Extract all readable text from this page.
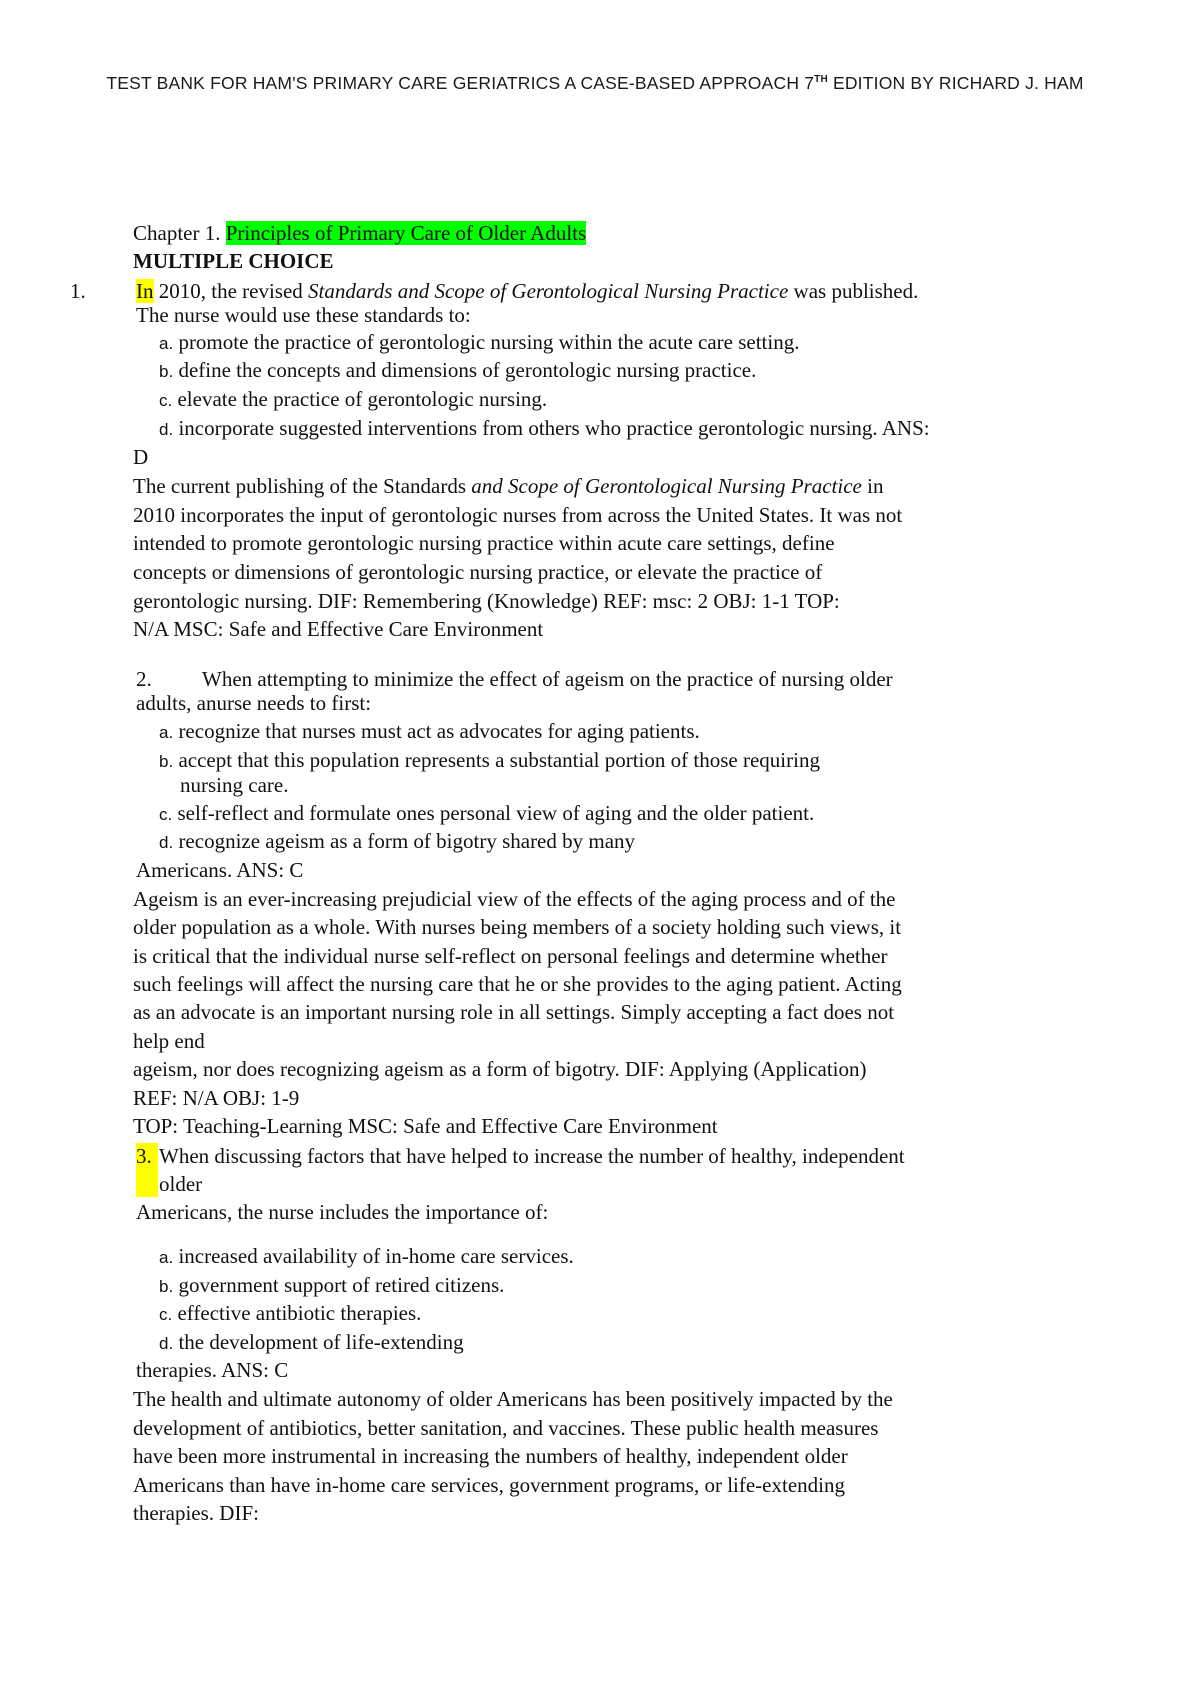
TEST BANK FOR HAM'S PRIMARY CARE GERIATRICS A CASE-BASED APPROACH 7TH EDITION BY RICHARD J. HAM
Chapter 1. Principles of Primary Care of Older Adults
MULTIPLE CHOICE
1. In 2010, the revised Standards and Scope of Gerontological Nursing Practice was published.
The nurse would use these standards to:
a. promote the practice of gerontologic nursing within the acute care setting.
b. define the concepts and dimensions of gerontologic nursing practice.
c. elevate the practice of gerontologic nursing.
d. incorporate suggested interventions from others who practice gerontologic nursing. ANS:
D
The current publishing of the Standards and Scope of Gerontological Nursing Practice in
2010 incorporates the input of gerontologic nurses from across the United States. It was not
intended to promote gerontologic nursing practice within acute care settings, define
concepts or dimensions of gerontologic nursing practice, or elevate the practice of
gerontologic nursing. DIF: Remembering (Knowledge) REF: msc: 2 OBJ: 1-1 TOP:
N/A MSC: Safe and Effective Care Environment
2. When attempting to minimize the effect of ageism on the practice of nursing older
adults, anurse needs to first:
a. recognize that nurses must act as advocates for aging patients.
b. accept that this population represents a substantial portion of those requiring
nursing care.
c. self-reflect and formulate ones personal view of aging and the older patient.
d. recognize ageism as a form of bigotry shared by many
Americans. ANS: C
Ageism is an ever-increasing prejudicial view of the effects of the aging process and of the
older population as a whole. With nurses being members of a society holding such views, it
is critical that the individual nurse self-reflect on personal feelings and determine whether
such feelings will affect the nursing care that he or she provides to the aging patient. Acting
as an advocate is an important nursing role in all settings. Simply accepting a fact does not
help end
ageism, nor does recognizing ageism as a form of bigotry. DIF: Applying (Application)
REF: N/A OBJ: 1-9
TOP: Teaching-Learning MSC: Safe and Effective Care Environment
3. When discussing factors that have helped to increase the number of healthy, independent
older
Americans, the nurse includes the importance of:
a. increased availability of in-home care services.
b. government support of retired citizens.
c. effective antibiotic therapies.
d. the development of life-extending
therapies. ANS: C
The health and ultimate autonomy of older Americans has been positively impacted by the
development of antibiotics, better sanitation, and vaccines. These public health measures
have been more instrumental in increasing the numbers of healthy, independent older
Americans than have in-home care services, government programs, or life-extending
therapies. DIF:
